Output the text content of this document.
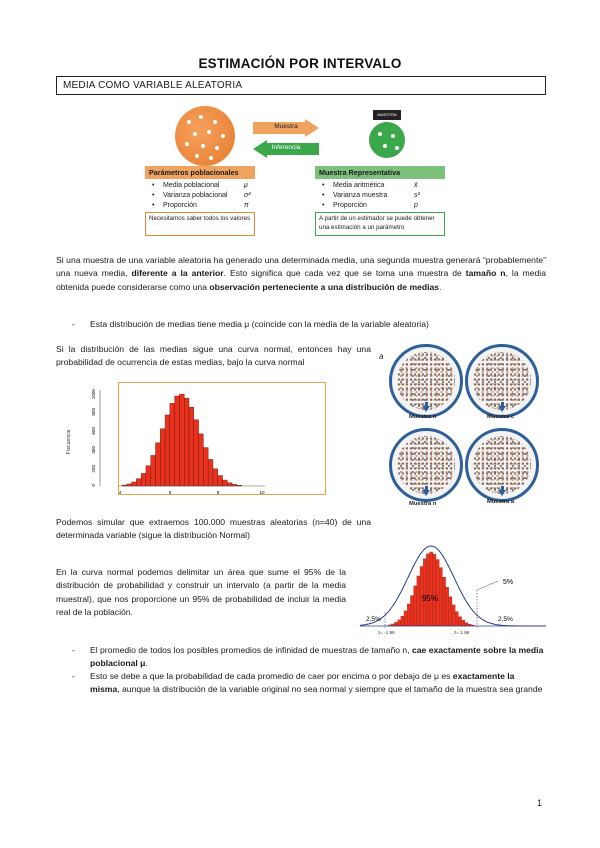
ESTIMACIÓN POR INTERVALO
MEDIA COMO VARIABLE ALEATORIA
Muestra
Inferencia
MUESTRA
Parámetros poblacionales
• Media poblacional	μ
• Varianza poblacional σ²
• Proporción	π
Muestra Representativa
• Media aritmética	x̄
• Varianza muestra	s²
• Proporción	p
Necesitamos saber todos los valores	A partir de un estimador se puede obtener una estimación a un parámetro
Si una muestra de una variable aleatoria ha generado una determinada media, una segunda muestra generará “probablemente” una nueva media, diferente a la anterior. Esto significa que cada vez que se toma una muestra de tamaño n, la media obtenida puede considerarse como una observación perteneciente a una distribución de medias.
- Esta distribución de medias tiene media μ (coincide con la media de la variable aleatoria)
Si la distribución de las medias sigue una curva normal, entonces hay una probabilidad de ocurrencia de estas medias, bajo la curva normal
Frecuencia
0
200
400
600
800
1000
4	6	8	10
a
Muestra n	Muestra c
Muestra n	Muestra a
Podemos simular que extraemos 100.000 muestras aleatorias (n=40) de una determinada variable (sigue la distribución Normal)
En la curva normal podemos delimitar un área que sume el 95% de la distribución de probabilidad y construir un intervalo (a partir de la media muestral), que nos proporcione un 95% de probabilidad de incluir la media real de la población.
5%
95%
2,5%	2,5%
z= -1.96	z= 1.96
- El promedio de todos los posibles promedios de infinidad de muestras de tamaño n, cae exactamente sobre la media poblacional μ.
- Esto se debe a que la probabilidad de cada promedio de caer por encima o por debajo de μ es exactamente la misma, aunque la distribución de la variable original no sea normal y siempre que el tamaño de la muestra sea grande
1
